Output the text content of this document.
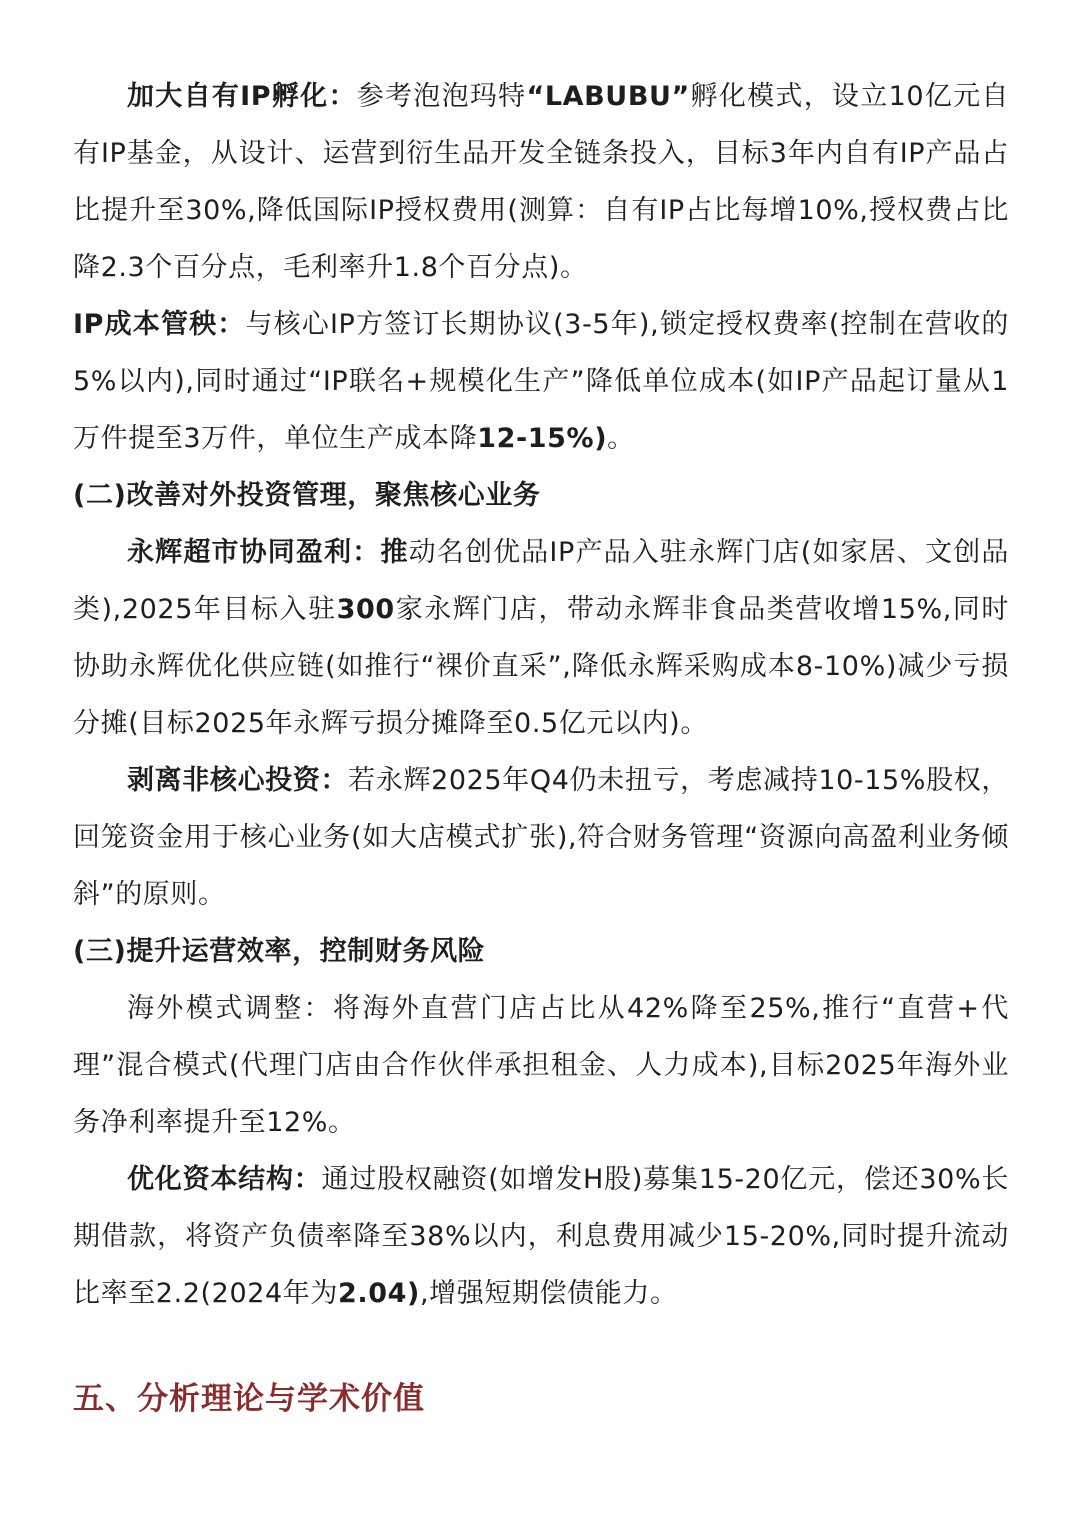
加大自有IP孵化：参考泡泡玛特“LABUBU”孵化模式，设立10亿元自有IP基金，从设计、运营到衍生品开发全链条投入，目标3年内自有IP产品占比提升至30%,降低国际IP授权费用(测算：自有IP占比每增10%,授权费占比降2.3个百分点，毛利率升1.8个百分点)。

IP成本管秧：与核心IP方签订长期协议(3-5年),锁定授权费率(控制在营收的5%以内),同时通过“IP联名+规模化生产”降低单位成本(如IP产品起订量从1万件提至3万件，单位生产成本降12-15%)。

(二)改善对外投资管理，聚焦核心业务

永辉超市协同盈利：推动名创优品IP产品入驻永辉门店(如家居、文创品类),2025年目标入驻300家永辉门店，带动永辉非食品类营收增15%,同时协助永辉优化供应链(如推行“裸价直采”,降低永辉采购成本8-10%)减少亏损分摊(目标2025年永辉亏损分摊降至0.5亿元以内)。

剥离非核心投资：若永辉2025年Q4仍未扭亏，考虑减持10-15%股权，回笼资金用于核心业务(如大店模式扩张),符合财务管理“资源向高盈利业务倾斜”的原则。

(三)提升运营效率，控制财务风险

海外模式调整：将海外直营门店占比从42%降至25%,推行“直营+代理”混合模式(代理门店由合作伙伴承担租金、人力成本),目标2025年海外业务净利率提升至12%。

优化资本结构：通过股权融资(如增发H股)募集15-20亿元，偿还30%长期借款，将资产负债率降至38%以内，利息费用减少15-20%,同时提升流动比率至2.2(2024年为2.04),增强短期偿债能力。

五、分析理论与学术价值
